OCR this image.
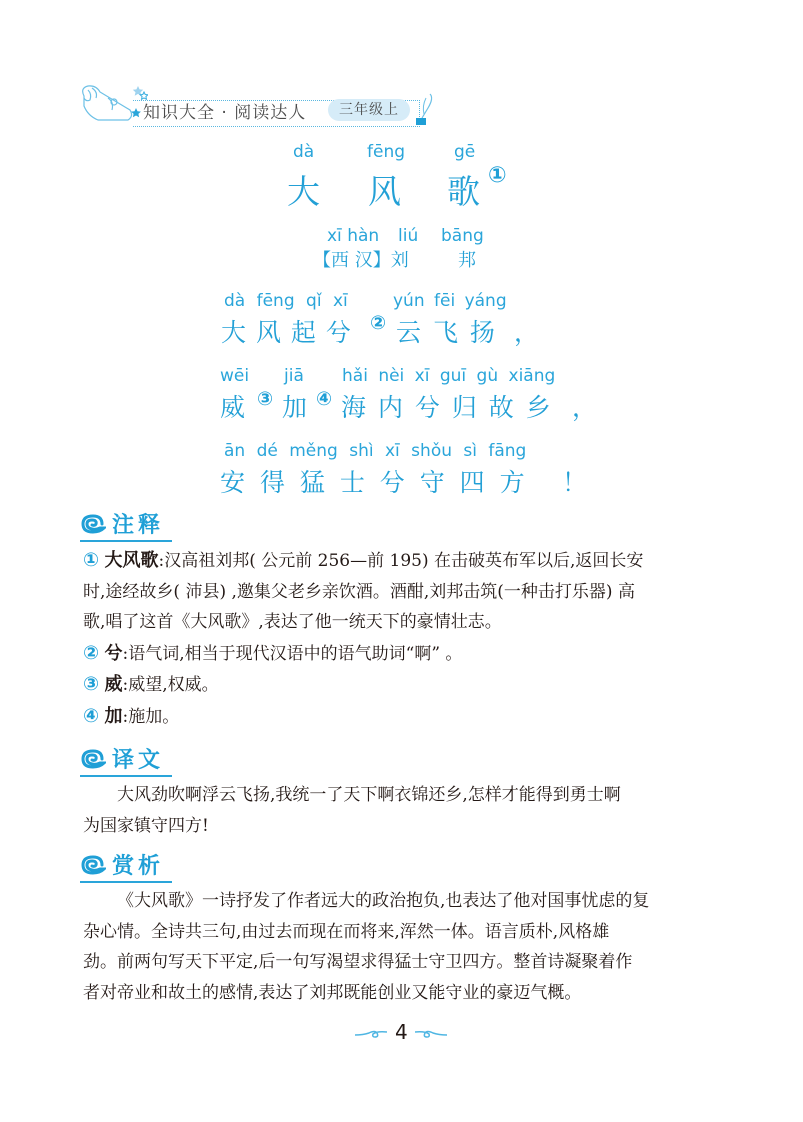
知识大全 · 阅读达人	三年级上
dà	fēng	gē
大 风 歌 ①
xī hàn liú bāng
【西 汉】刘	邦
dà fēng qǐ xī	yún fēi yáng
大 风 起 兮 ② 云 飞 扬 ，
wēi jiā hǎi nèi xī guī gù xiāng
威 ③ 加 ④ 海 内 兮 归 故 乡 ，
ān dé měng shì xī shǒu sì fāng
安 得 猛 士 兮 守 四 方 ！
注释
① 大风歌:汉高祖刘邦( 公元前 256—前 195) 在击破英布军以后,返回长安
时,途经故乡( 沛县) ,邀集父老乡亲饮酒。酒酣,刘邦击筑(一种击打乐器) 高
歌,唱了这首《大风歌》,表达了他一统天下的豪情壮志。
② 兮:语气词,相当于现代汉语中的语气助词“啊” 。
③ 威:威望,权威。
④ 加:施加。
译文
大风劲吹啊浮云飞扬,我统一了天下啊衣锦还乡,怎样才能得到勇士啊
为国家镇守四方!
赏析
《大风歌》一诗抒发了作者远大的政治抱负,也表达了他对国事忧虑的复
杂心情。全诗共三句,由过去而现在而将来,浑然一体。语言质朴,风格雄
劲。前两句写天下平定,后一句写渴望求得猛士守卫四方。整首诗凝聚着作
者对帝业和故土的感情,表达了刘邦既能创业又能守业的豪迈气概。
4
